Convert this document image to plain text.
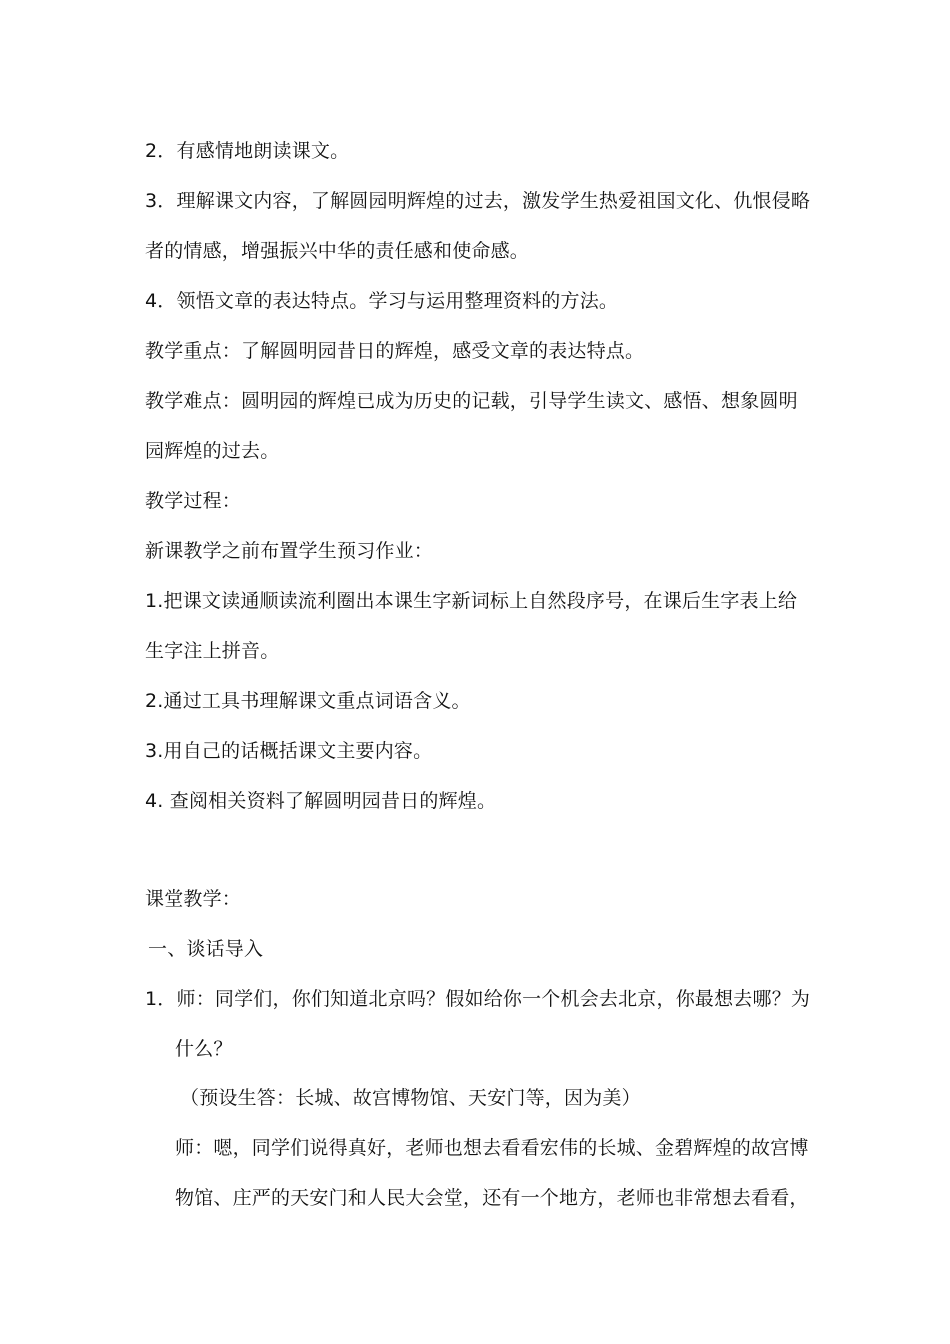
2．有感情地朗读课文。
3．理解课文内容，了解圆园明辉煌的过去，激发学生热爱祖国文化、仇恨侵略
者的情感，增强振兴中华的责任感和使命感。
4．领悟文章的表达特点。学习与运用整理资料的方法。
教学重点：了解圆明园昔日的辉煌，感受文章的表达特点。
教学难点：圆明园的辉煌已成为历史的记载，引导学生读文、感悟、想象圆明
园辉煌的过去。
教学过程：
新课教学之前布置学生预习作业：
1.把课文读通顺读流利圈出本课生字新词标上自然段序号，在课后生字表上给
生字注上拼音。
2.通过工具书理解课文重点词语含义。
3.用自己的话概括课文主要内容。
4. 查阅相关资料了解圆明园昔日的辉煌。
课堂教学：
一、谈话导入
1．师：同学们，你们知道北京吗？假如给你一个机会去北京，你最想去哪？为
什么？
（预设生答：长城、故宫博物馆、天安门等，因为美）
师：嗯，同学们说得真好，老师也想去看看宏伟的长城、金碧辉煌的故宫博
物馆、庄严的天安门和人民大会堂，还有一个地方，老师也非常想去看看，
